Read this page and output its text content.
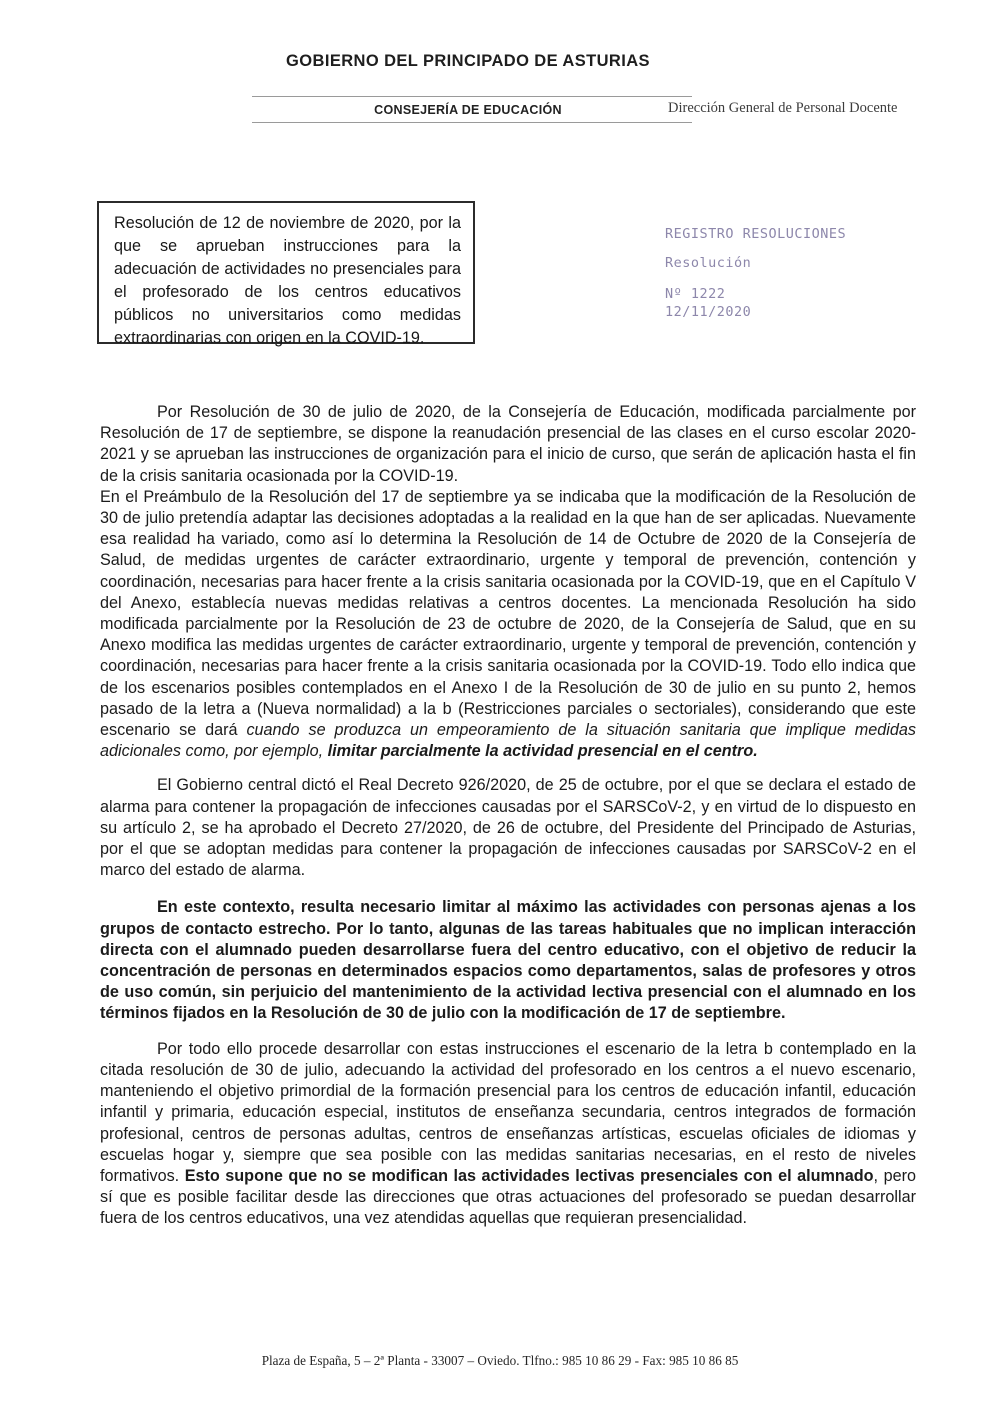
GOBIERNO DEL PRINCIPADO DE ASTURIAS
CONSEJERÍA DE EDUCACIÓN	Dirección General de Personal Docente
Resolución de 12 de noviembre de 2020, por la que se aprueban instrucciones para la adecuación de actividades no presenciales para el profesorado de los centros educativos públicos no universitarios como medidas extraordinarias con origen en la COVID-19.
REGISTRO RESOLUCIONES
Resolución
Nº 1222
12/11/2020

Por Resolución de 30 de julio de 2020, de la Consejería de Educación, modificada parcialmente por Resolución de 17 de septiembre, se dispone la reanudación presencial de las clases en el curso escolar 2020-2021 y se aprueban las instrucciones de organización para el inicio de curso, que serán de aplicación hasta el fin de la crisis sanitaria ocasionada por la COVID-19.

En el Preámbulo de la Resolución del 17 de septiembre ya se indicaba que la modificación de la Resolución de 30 de julio pretendía adaptar las decisiones adoptadas a la realidad en la que han de ser aplicadas. Nuevamente esa realidad ha variado, como así lo determina la Resolución de 14 de Octubre de 2020 de la Consejería de Salud, de medidas urgentes de carácter extraordinario, urgente y temporal de prevención, contención y coordinación, necesarias para hacer frente a la crisis sanitaria ocasionada por la COVID-19, que en el Capítulo V del Anexo, establecía nuevas medidas relativas a centros docentes. La mencionada Resolución ha sido modificada parcialmente por la Resolución de 23 de octubre de 2020, de la Consejería de Salud, que en su Anexo modifica las medidas urgentes de carácter extraordinario, urgente y temporal de prevención, contención y coordinación, necesarias para hacer frente a la crisis sanitaria ocasionada por la COVID-19. Todo ello indica que de los escenarios posibles contemplados en el Anexo I de la Resolución de 30 de julio en su punto 2, hemos pasado de la letra a (Nueva normalidad) a la b (Restricciones parciales o sectoriales), considerando que este escenario se dará cuando se produzca un empeoramiento de la situación sanitaria que implique medidas adicionales como, por ejemplo, limitar parcialmente la actividad presencial en el centro.

El Gobierno central dictó el Real Decreto 926/2020, de 25 de octubre, por el que se declara el estado de alarma para contener la propagación de infecciones causadas por el SARSCoV-2, y en virtud de lo dispuesto en su artículo 2, se ha aprobado el Decreto 27/2020, de 26 de octubre, del Presidente del Principado de Asturias, por el que se adoptan medidas para contener la propagación de infecciones causadas por SARSCoV-2 en el marco del estado de alarma.

En este contexto, resulta necesario limitar al máximo las actividades con personas ajenas a los grupos de contacto estrecho. Por lo tanto, algunas de las tareas habituales que no implican interacción directa con el alumnado pueden desarrollarse fuera del centro educativo, con el objetivo de reducir la concentración de personas en determinados espacios como departamentos, salas de profesores y otros de uso común, sin perjuicio del mantenimiento de la actividad lectiva presencial con el alumnado en los términos fijados en la Resolución de 30 de julio con la modificación de 17 de septiembre.

Por todo ello procede desarrollar con estas instrucciones el escenario de la letra b contemplado en la citada resolución de 30 de julio, adecuando la actividad del profesorado en los centros a el nuevo escenario, manteniendo el objetivo primordial de la formación presencial para los centros de educación infantil, educación infantil y primaria, educación especial, institutos de enseñanza secundaria, centros integrados de formación profesional, centros de personas adultas, centros de enseñanzas artísticas, escuelas oficiales de idiomas y escuelas hogar y, siempre que sea posible con las medidas sanitarias necesarias, en el resto de niveles formativos. Esto supone que no se modifican las actividades lectivas presenciales con el alumnado, pero sí que es posible facilitar desde las direcciones que otras actuaciones del profesorado se puedan desarrollar fuera de los centros educativos, una vez atendidas aquellas que requieran presencialidad.

Plaza de España, 5 – 2ª Planta - 33007 – Oviedo. Tlfno.: 985 10 86 29 - Fax: 985 10 86 85
